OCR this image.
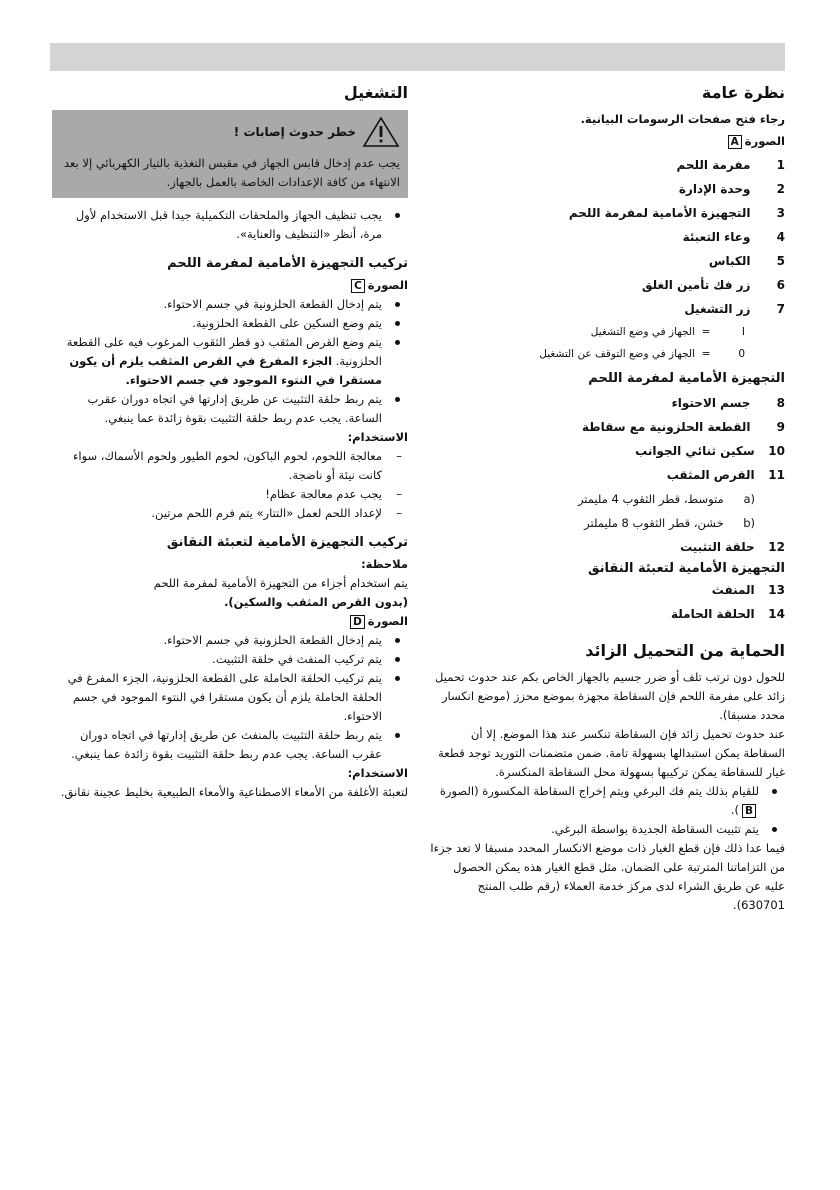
نظرة عامة
رجاء فتح صفحات الرسومات البيانية.
الصورةA
1

مفرمة اللحم
2

وحدة الإدارة
3

التجهيزة الأمامية لمفرمة اللحم
4

وعاء التعبئة
5

الكباس
6

زر فك تأمين الغلق
7

زر التشغيل
I
=
الجهاز في وضع التشغيل
0
=
الجهاز في وضع التوقف عن التشغيل
التجهيزة الأمامية لمفرمة اللحم
8

جسم الاحتواء
9

القطعة الحلزونية مع سقاطة
10

سكين ثنائي الجوانب
11

القرص المثقب
a)

متوسط، قطر الثقوب 4 مليمتر
b)

خشن، قطر الثقوب 8 مليملتر
12

حلقة التثبيت
التجهيزة الأمامية لتعبئة النقانق
13

المنفث
14

الحلقة الحاملة
الحماية من التحميل الزائد
للحول دون ترتب تلف أو ضرر جسيم بالجهاز الخاص بكم عند حدوث تحميل زائد على مفرمة اللحم فإن السقاطة مجهزة بموضع محزز (موضع انكسار محدد مسبقا).
عند حدوث تحميل زائد فإن السقاطة تنكسر عند هذا الموضع. إلا أن السقاطة يمكن استبدالها بسهولة تامة. ضمن متضمنات التوريد توجد قطعة غيار للسقاطة يمكن تركيبها بسهولة محل السقاطة المنكسرة.
للقيام بذلك يتم فك البرغي ويتم إخراج السقاطة المكسورة (الصورةB).
يتم تثبيت السقاطة الجديدة بواسطة البرغي.
فيما عدا ذلك فإن قطع الغيار ذات موضع الانكسار المحدد مسبقا لا تعد جزءا من التزاماتنا المترتبة على الضمان. مثل قطع الغيار هذه يمكن الحصول عليه عن طريق الشراء لدى مركز خدمة العملاء (رقم طلب المنتج 630701).
التشغيل
خطر حدوث إصابات !
يجب عدم إدخال قابس الجهاز في مقبس التغذية بالتيار الكهربائي إلا بعد الانتهاء من كافة الإعدادات الخاصة بالعمل بالجهاز.
يجب تنظيف الجهاز والملحقات التكميلية جيدا قبل الاستخدام لأول مرة، أنظر «التنظيف والعناية».
تركيب التجهيزة الأمامية لمفرمة اللحم
الصورةC
يتم إدخال القطعة الحلزونية في جسم الاحتواء.
يتم وضع السكين على القطعة الحلزونية.
يتم وضع القرص المثقب ذو قطر الثقوب المرغوب فيه على القطعة الحلزونية. الجزء المفرغ في القرص المثقب يلزم أن يكون مستقرا في النتوء الموجود في جسم الاحتواء.
يتم ربط حلقة التثبيت عن طريق إدارتها في اتجاه دوران عقرب الساعة. يجب عدم ربط حلقة التثبيت بقوة زائدة عما ينبغي.
الاستخدام:
– معالجة اللحوم، لحوم الباكون، لحوم الطيور ولحوم الأسماك، سواء كانت نيئة أو ناضجة.
– يجب عدم معالجة عظام!
– لإعداد اللحم لعمل «التتار» يتم فرم اللحم مرتين.
تركيب التجهيزة الأمامية لتعبئة النقانق
ملاحظة:
يتم استخدام أجزاء من التجهيزة الأمامية لمفرمة اللحم
(بدون القرص المثقب والسكين).
الصورةD
يتم إدخال القطعة الحلزونية في جسم الاحتواء.
يتم تركيب المنفث في حلقة التثبيت.
يتم تركيب الحلقة الحاملة على القطعة الحلزونية، الجزء المفرغ في الحلقة الحاملة يلزم أن يكون مستقرا في النتوء الموجود في جسم الاحتواء.
يتم ربط حلقة التثبيت بالمنفث عن طريق إدارتها في اتجاه دوران عقرب الساعة. يجب عدم ربط حلقة التثبيت بقوة زائدة عما ينبغي.
الاستخدام:
لتعبئة الأغلفة من الأمعاء الاصطناعية والأمعاء الطبيعية بخليط عجينة نقانق.
